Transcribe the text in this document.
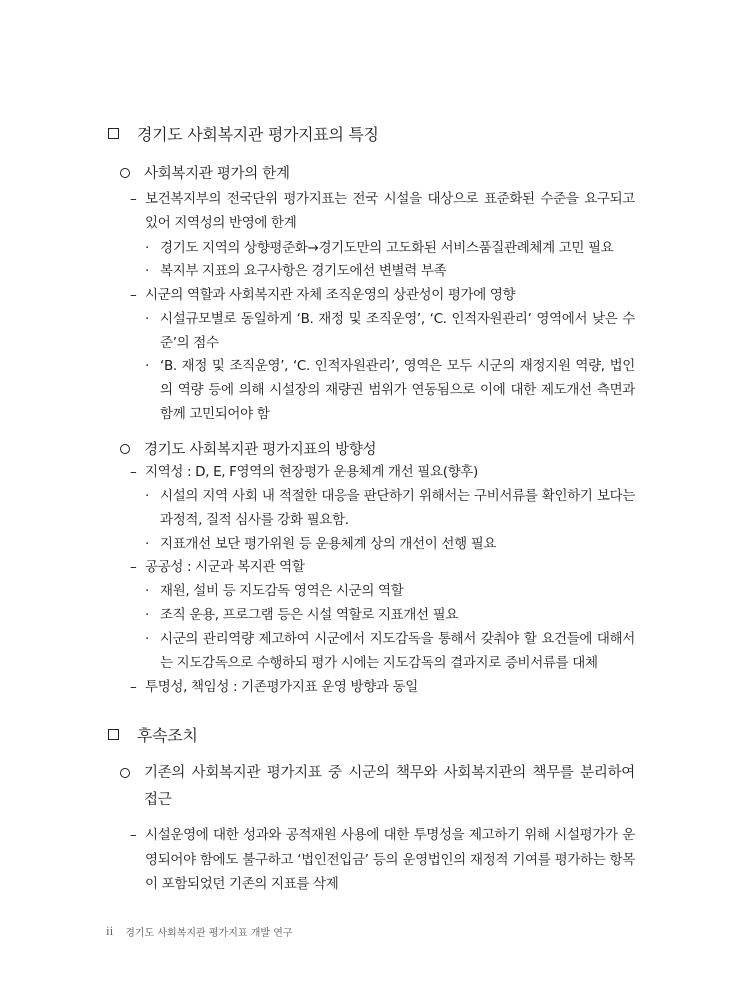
경기도 사회복지관 평가지표의 특징
사회복지관 평가의 한계
– 보건복지부의 전국단위 평가지표는 전국 시설을 대상으로 표준화된 수준을 요구되고 있어 지역성의 반영에 한계
· 경기도 지역의 상향평준화→경기도만의 고도화된 서비스품질관례체계 고민 필요
· 복지부 지표의 요구사항은 경기도에선 변별력 부족
– 시군의 역할과 사회복지관 자체 조직운영의 상관성이 평가에 영향
· 시설규모별로 동일하게 ‘B. 재정 및 조직운영’, ‘C. 인적자원관리’ 영역에서 낮은 수준’의 점수
· ‘B. 재정 및 조직운영’, ‘C. 인적자원관리’, 영역은 모두 시군의 재정지원 역량, 법인의 역량 등에 의해 시설장의 재량권 범위가 연동됨으로 이에 대한 제도개선 측면과 함께 고민되어야 함
경기도 사회복지관 평가지표의 방향성
– 지역성 : D, E, F영역의 현장평가 운용체계 개선 필요(향후)
· 시설의 지역 사회 내 적절한 대응을 판단하기 위해서는 구비서류를 확인하기 보다는 과정적, 질적 심사를 강화 필요함.
· 지표개선 보단 평가위원 등 운용체계 상의 개선이 선행 필요
– 공공성 : 시군과 복지관 역할
· 재원, 설비 등 지도감독 영역은 시군의 역할
· 조직 운용, 프로그램 등은 시설 역할로 지표개선 필요
· 시군의 관리역량 제고하여 시군에서 지도감독을 통해서 갖춰야 할 요건들에 대해서는 지도감독으로 수행하되 평가 시에는 지도감독의 결과지로 증비서류를 대체
– 투명성, 책임성 : 기존평가지표 운영 방향과 동일
후속조치
기존의 사회복지관 평가지표 중 시군의 책무와 사회복지관의 책무를 분리하여 접근
– 시설운영에 대한 성과와 공적재원 사용에 대한 투명성을 제고하기 위해 시설평가가 운영되어야 함에도 불구하고 ‘법인전입금’ 등의 운영법인의 재정적 기여를 평가하는 항목이 포함되었던 기존의 지표를 삭제
ii 경기도 사회복지관 평가지표 개발 연구
